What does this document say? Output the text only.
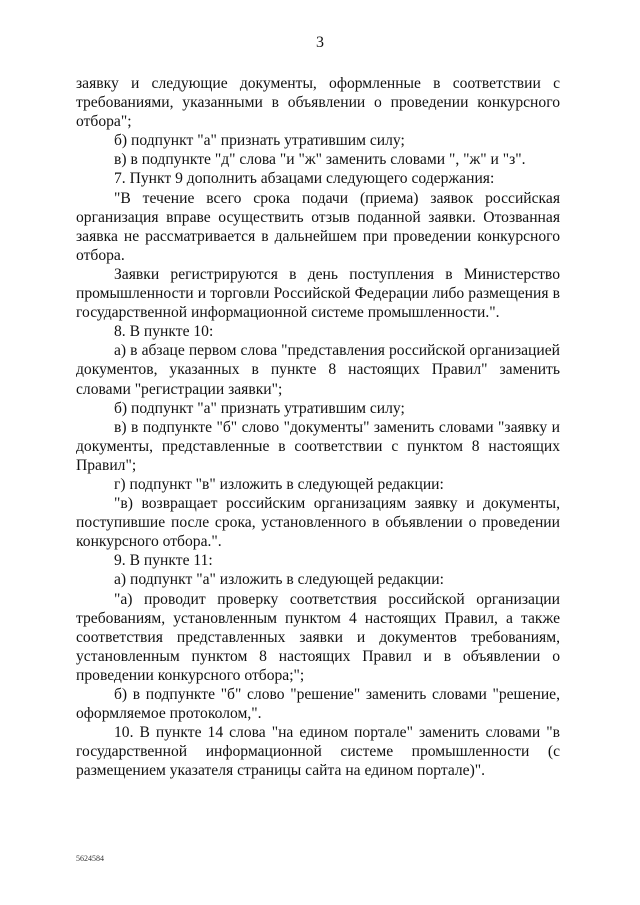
3

заявку и следующие документы, оформленные в соответствии с требованиями, указанными в объявлении о проведении конкурсного отбора";

б) подпункт "а" признать утратившим силу;

в) в подпункте "д" слова "и "ж" заменить словами ", "ж" и "з".

7. Пункт 9 дополнить абзацами следующего содержания:

"В течение всего срока подачи (приема) заявок российская организация вправе осуществить отзыв поданной заявки. Отозванная заявка не рассматривается в дальнейшем при проведении конкурсного отбора.

Заявки регистрируются в день поступления в Министерство промышленности и торговли Российской Федерации либо размещения в государственной информационной системе промышленности.".

8. В пункте 10:

а) в абзаце первом слова "представления российской организацией документов, указанных в пункте 8 настоящих Правил" заменить словами "регистрации заявки";

б) подпункт "а" признать утратившим силу;

в) в подпункте "б" слово "документы" заменить словами "заявку и документы, представленные в соответствии с пунктом 8 настоящих Правил";

г) подпункт "в" изложить в следующей редакции:

"в) возвращает российским организациям заявку и документы, поступившие после срока, установленного в объявлении о проведении конкурсного отбора.".

9. В пункте 11:

а) подпункт "а" изложить в следующей редакции:

"а) проводит проверку соответствия российской организации требованиям, установленным пунктом 4 настоящих Правил, а также соответствия представленных заявки и документов требованиям, установленным пунктом 8 настоящих Правил и в объявлении о проведении конкурсного отбора;";

б) в подпункте "б" слово "решение" заменить словами "решение, оформляемое протоколом,".

10. В пункте 14 слова "на едином портале" заменить словами "в государственной информационной системе промышленности (с размещением указателя страницы сайта на едином портале)".

5624584
